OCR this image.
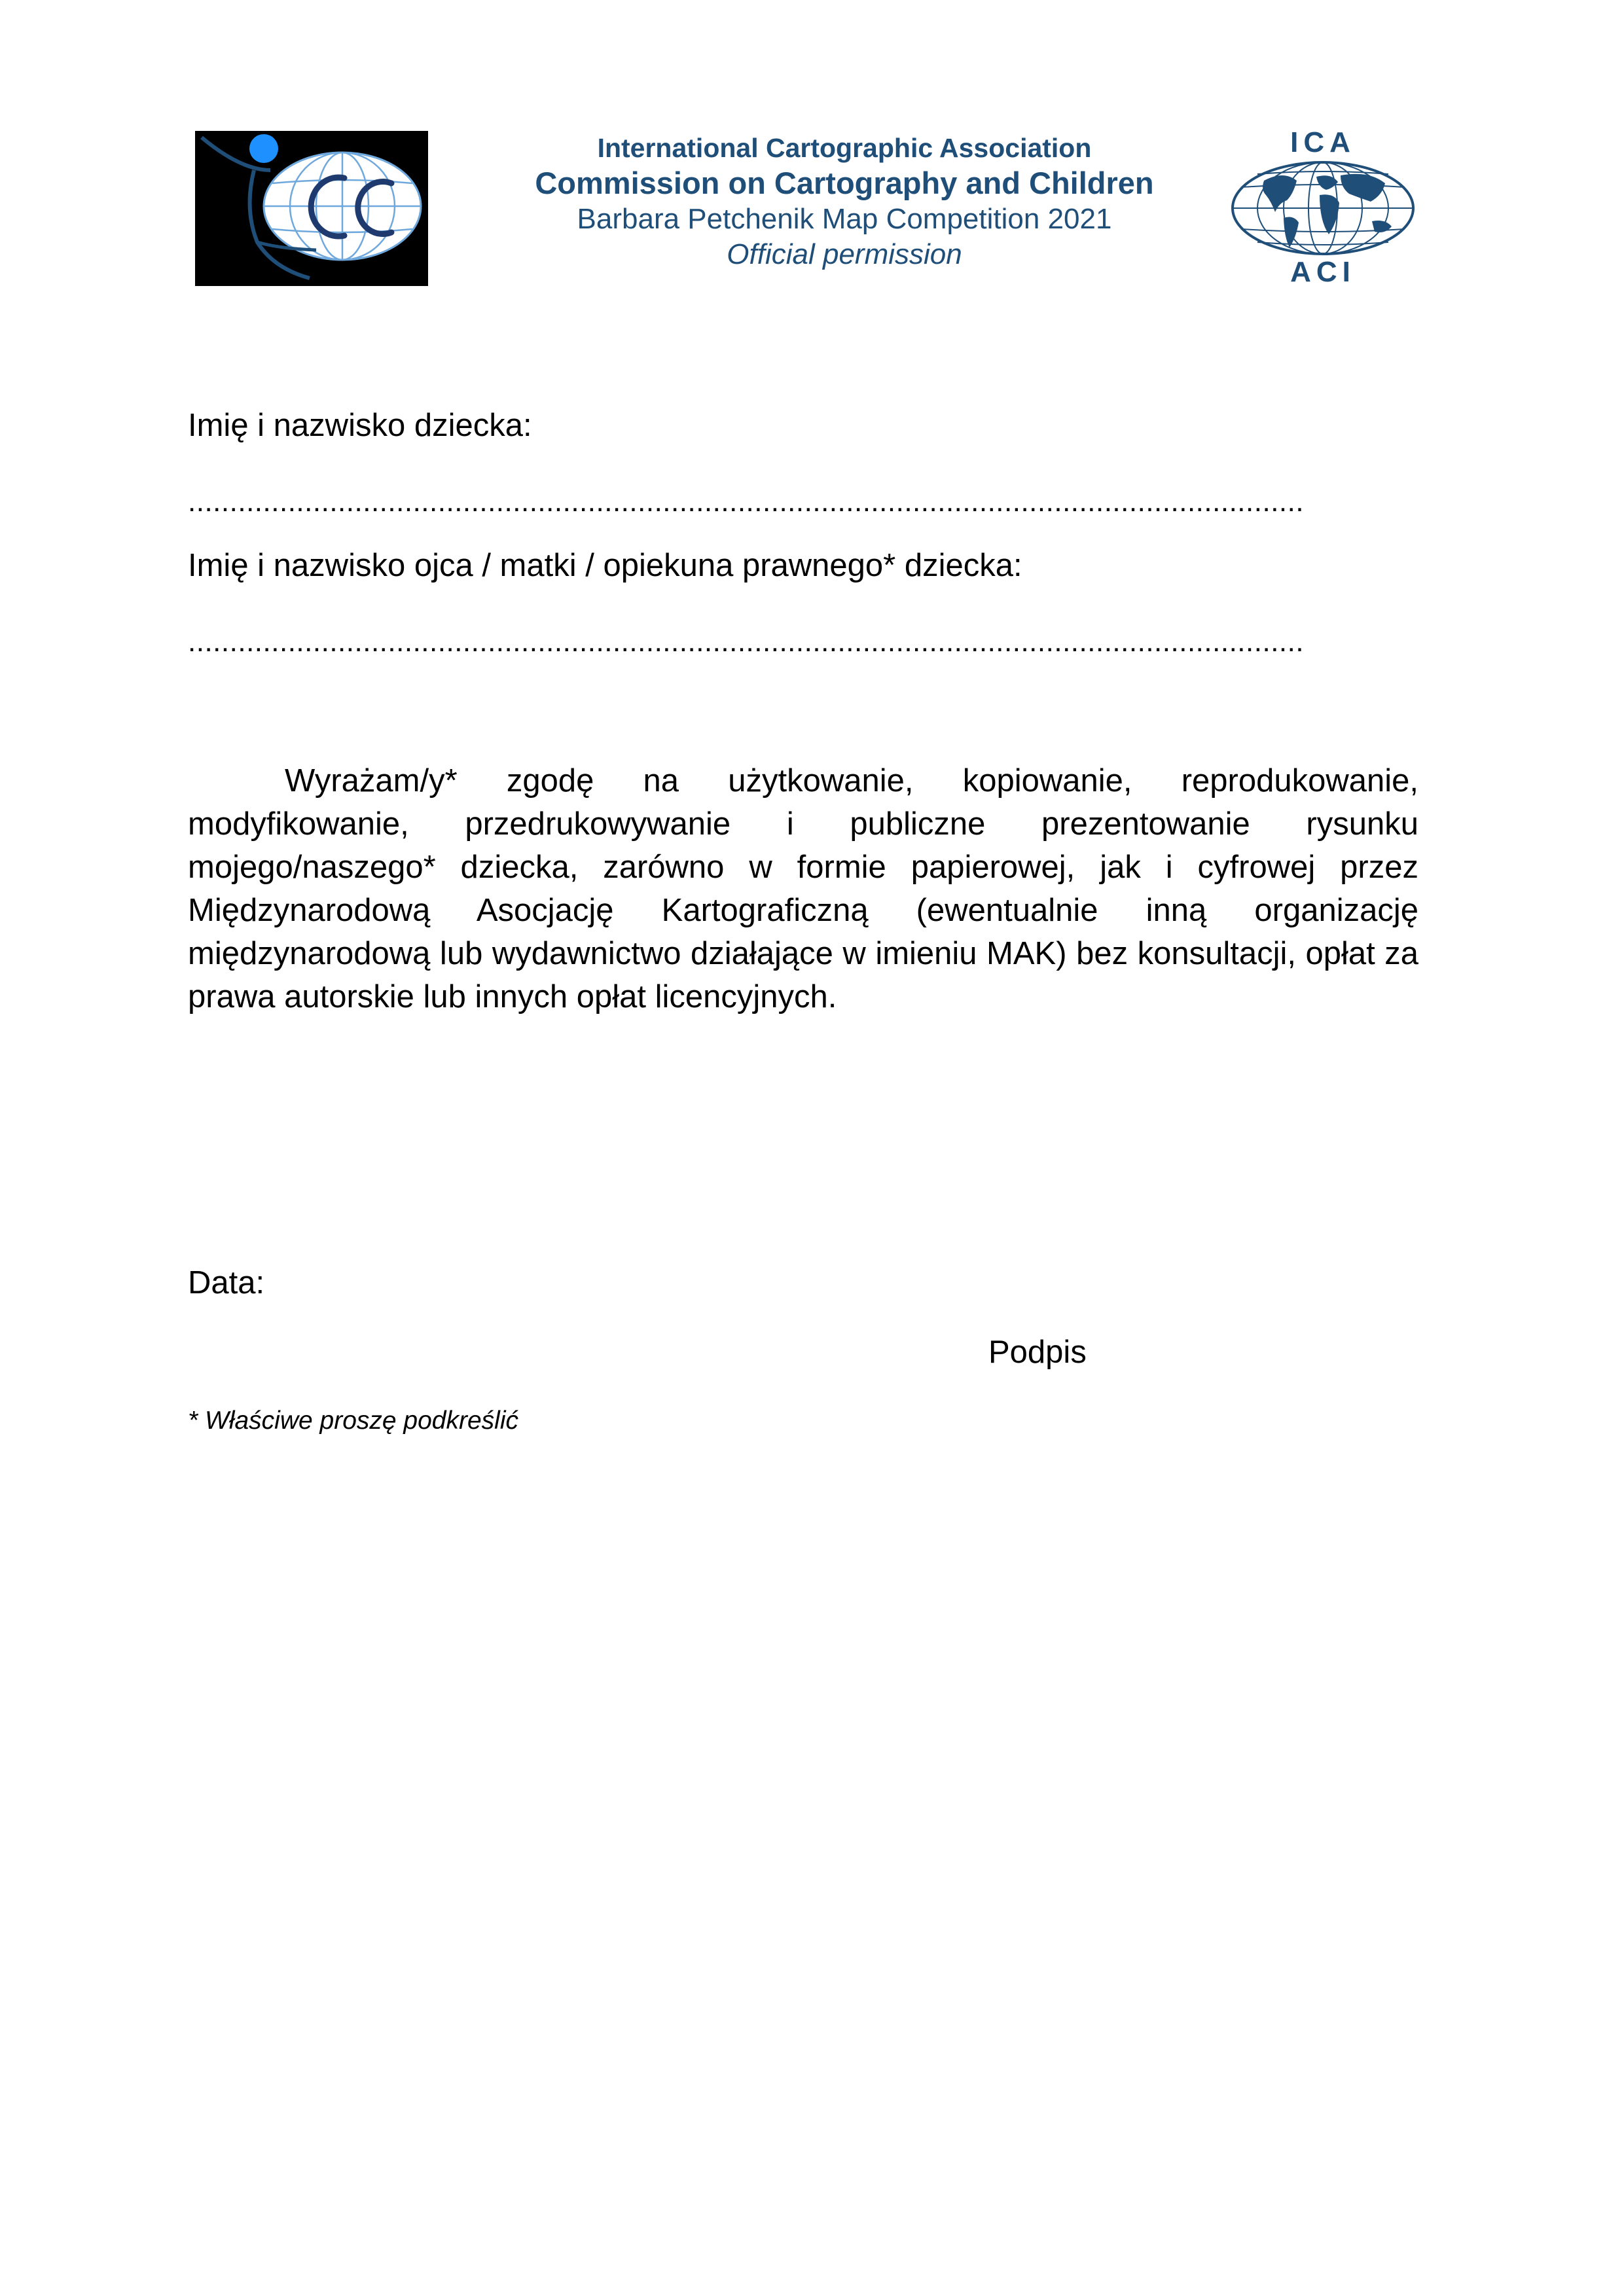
International Cartographic Association
Commission on Cartography and Children
Barbara Petchenik Map Competition 2021
Official permission
ICA
ACI
Imię i nazwisko dziecka:
......................................................................................................................................
Imię i nazwisko ojca / matki / opiekuna prawnego* dziecka:
......................................................................................................................................
Wyrażam/y* zgodę na użytkowanie, kopiowanie, reprodukowanie, modyfikowanie, przedrukowywanie i publiczne prezentowanie rysunku mojego/naszego* dziecka, zarówno w formie papierowej, jak i cyfrowej przez Międzynarodową Asocjację Kartograficzną (ewentualnie inną organizację międzynarodową lub wydawnictwo działające w imieniu MAK) bez konsultacji, opłat za prawa autorskie lub innych opłat licencyjnych.
Data:
Podpis
* Właściwe proszę podkreślić
